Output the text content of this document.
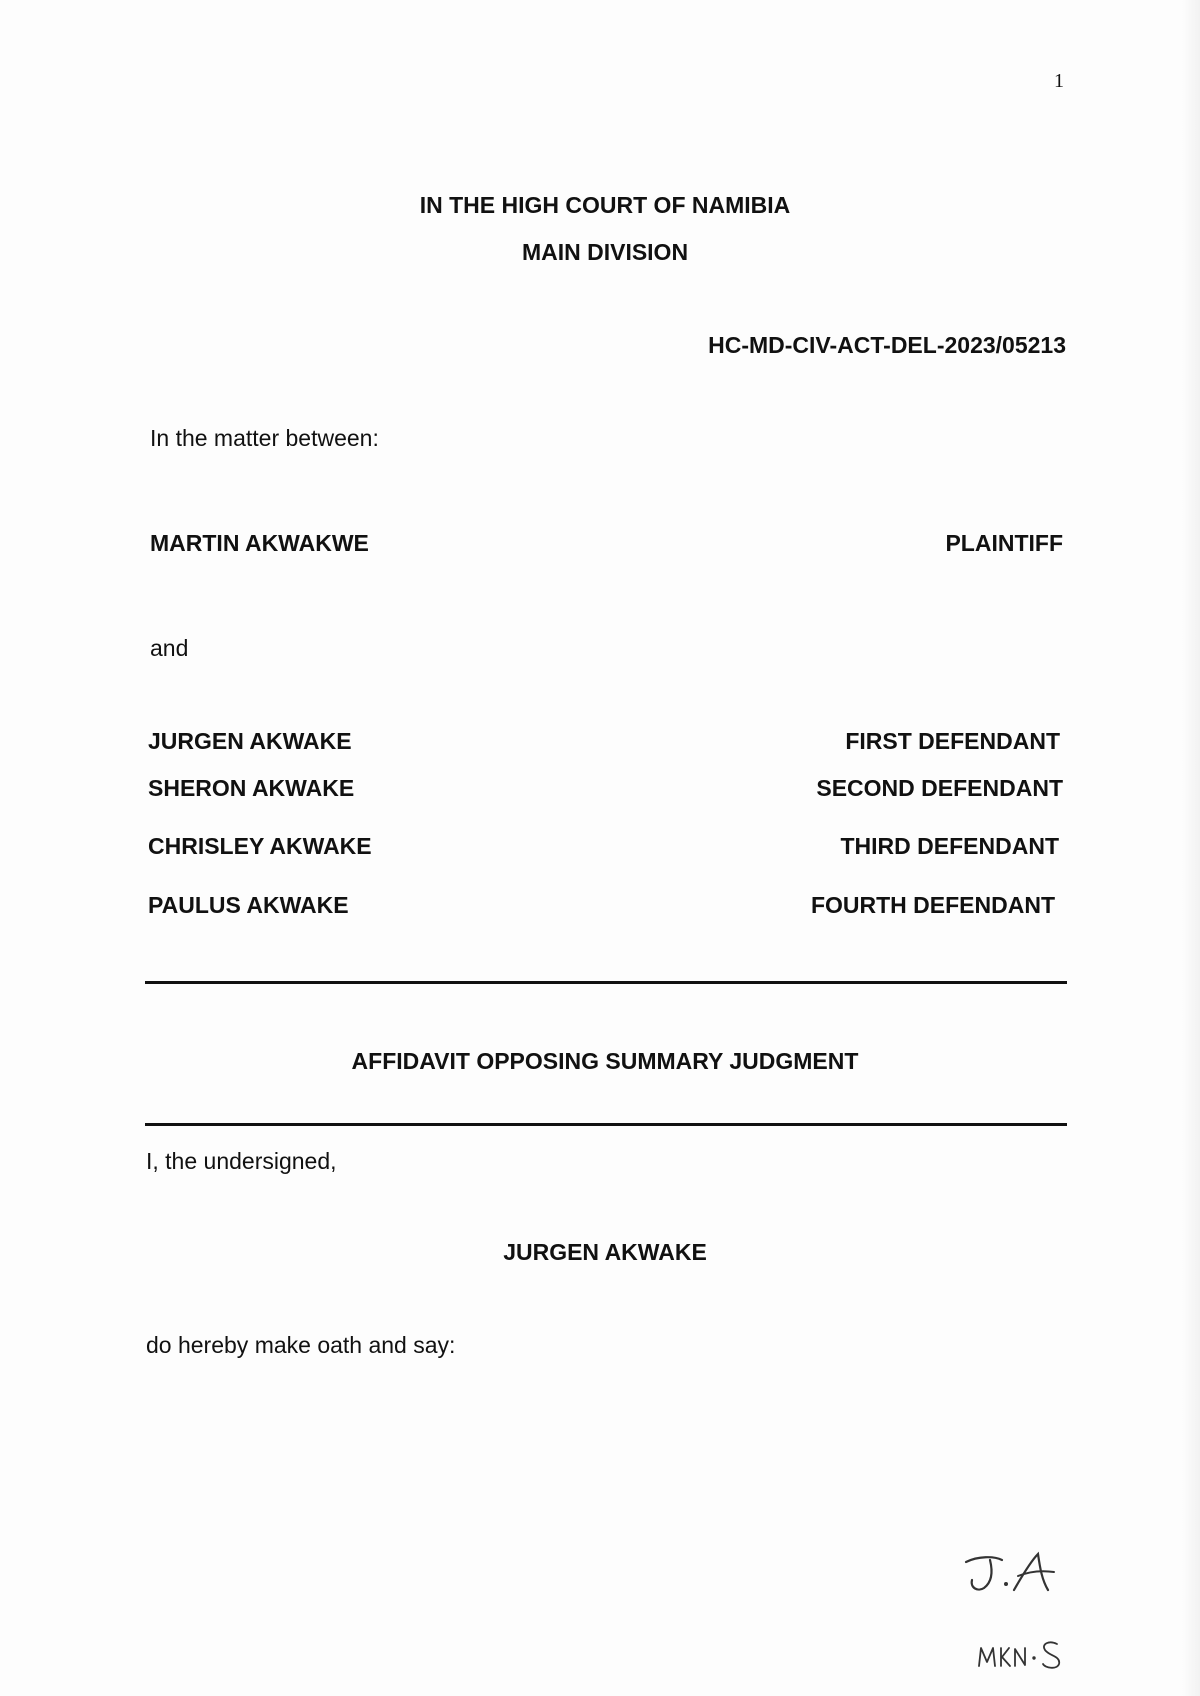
1
IN THE HIGH COURT OF NAMIBIA
MAIN DIVISION
HC-MD-CIV-ACT-DEL-2023/05213
In the matter between:
MARTIN AKWAKWE	PLAINTIFF
and
JURGEN AKWAKE	FIRST DEFENDANT
SHERON AKWAKE	SECOND DEFENDANT
CHRISLEY AKWAKE	THIRD DEFENDANT
PAULUS AKWAKE	FOURTH DEFENDANT
AFFIDAVIT OPPOSING SUMMARY JUDGMENT
I, the undersigned,
JURGEN AKWAKE
do hereby make oath and say:
